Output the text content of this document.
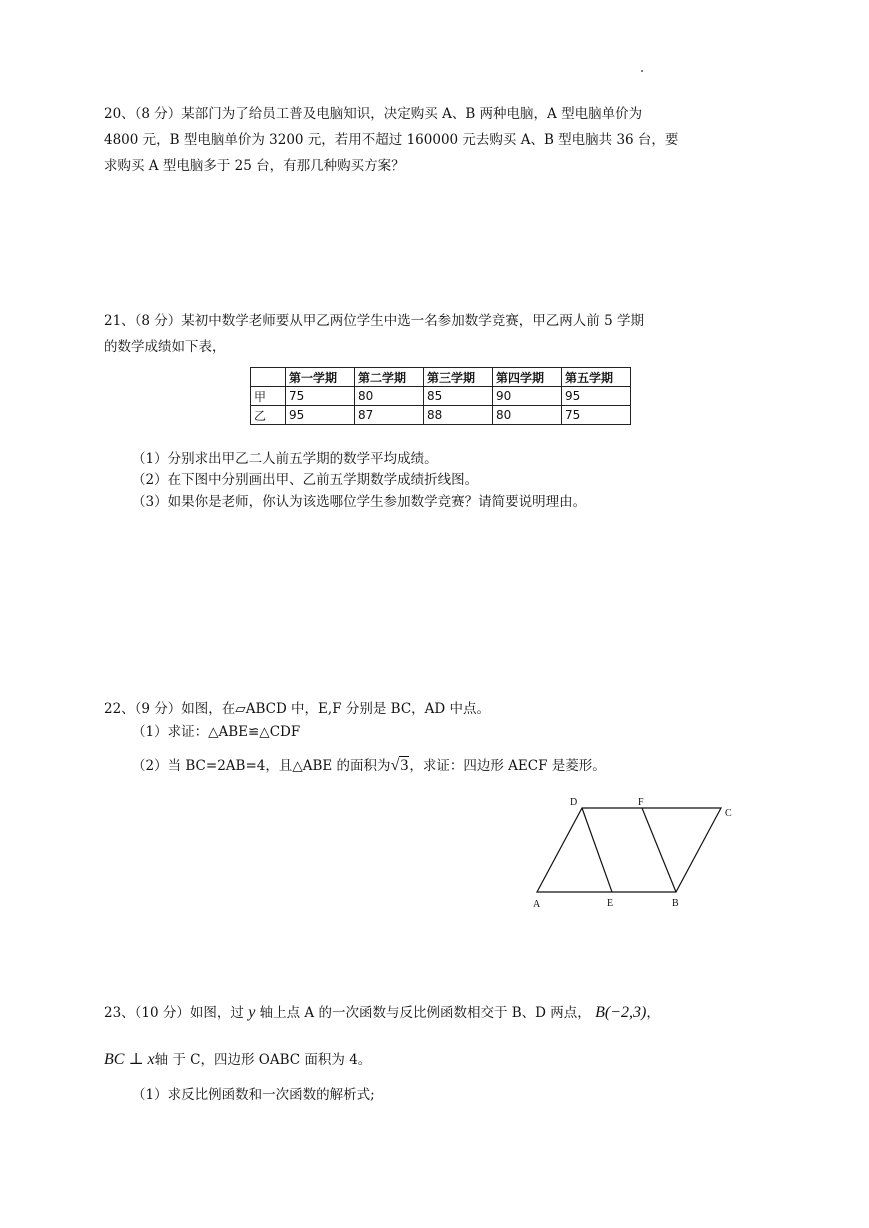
20、（8 分）某部门为了给员工普及电脑知识，决定购买 A、B 两种电脑，A 型电脑单价为
4800 元，B 型电脑单价为 3200 元，若用不超过 160000 元去购买 A、B 型电脑共 36 台，要
求购买 A 型电脑多于 25 台，有那几种购买方案？
21、（8 分）某初中数学老师要从甲乙两位学生中选一名参加数学竞赛，甲乙两人前 5 学期
的数学成绩如下表，
	第一学期	第二学期	第三学期	第四学期	第五学期
甲	75	80	85	90	95
乙	95	87	88	80	75
（1）分别求出甲乙二人前五学期的数学平均成绩。
（2）在下图中分别画出甲、乙前五学期数学成绩折线图。
（3）如果你是老师，你认为该选哪位学生参加数学竞赛？请简要说明理由。
22、（9 分）如图，在▱ABCD 中，E,F 分别是 BC，AD 中点。
（1）求证：△ABE≌△CDF
（2）当 BC=2AB=4，且△ABE 的面积为√3，求证：四边形 AECF 是菱形。
D	F
C
A	E	B
23、（10 分）如图，过 y 轴上点 A 的一次函数与反比例函数相交于 B、D 两点， B(−2,3)，
BC ⊥ x轴 于 C，四边形 OABC 面积为 4。
（1）求反比例函数和一次函数的解析式;
